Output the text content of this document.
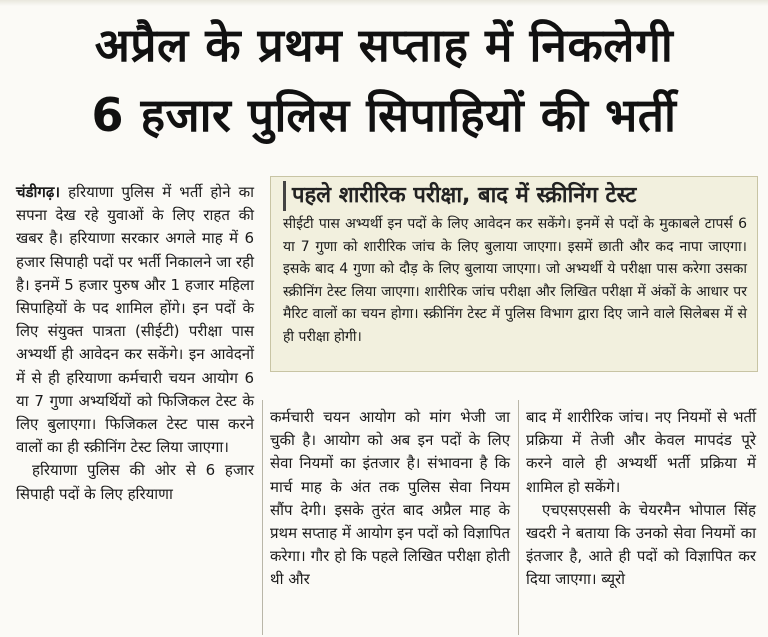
अप्रैल के प्रथम सप्ताह में निकलेगी
6 हजार पुलिस सिपाहियों की भर्ती

चंडीगढ़। हरियाणा पुलिस में भर्ती होने का सपना देख रहे युवाओं के लिए राहत की खबर है। हरियाणा सरकार अगले माह में 6 हजार सिपाही पदों पर भर्ती निकालने जा रही है। इनमें 5 हजार पुरुष और 1 हजार महिला सिपाहियों के पद शामिल होंगे। इन पदों के लिए संयुक्त पात्रता (सीईटी) परीक्षा पास अभ्यर्थी ही आवेदन कर सकेंगे। इन आवेदनों में से ही हरियाणा कर्मचारी चयन आयोग 6 या 7 गुणा अभ्यर्थियों को फिजिकल टेस्ट के लिए बुलाएगा। फिजिकल टेस्ट पास करने वालों का ही स्क्रीनिंग टेस्ट लिया जाएगा।

हरियाणा पुलिस की ओर से 6 हजार सिपाही पदों के लिए हरियाणा

पहले शारीरिक परीक्षा, बाद में स्क्रीनिंग टेस्ट
सीईटी पास अभ्यर्थी इन पदों के लिए आवेदन कर सकेंगे। इनमें से पदों के मुकाबले टापर्स 6 या 7 गुणा को शारीरिक जांच के लिए बुलाया जाएगा। इसमें छाती और कद नापा जाएगा। इसके बाद 4 गुणा को दौड़ के लिए बुलाया जाएगा। जो अभ्यर्थी ये परीक्षा पास करेगा उसका स्क्रीनिंग टेस्ट लिया जाएगा। शारीरिक जांच परीक्षा और लिखित परीक्षा में अंकों के आधार पर मैरिट वालों का चयन होगा। स्क्रीनिंग टेस्ट में पुलिस विभाग द्वारा दिए जाने वाले सिलेबस में से ही परीक्षा होगी।

कर्मचारी चयन आयोग को मांग भेजी जा चुकी है। आयोग को अब इन पदों के लिए सेवा नियमों का इंतजार है। संभावना है कि मार्च माह के अंत तक पुलिस सेवा नियम सौंप देगी। इसके तुरंत बाद अप्रैल माह के प्रथम सप्ताह में आयोग इन पदों को विज्ञापित करेगा। गौर हो कि पहले लिखित परीक्षा होती थी और

बाद में शारीरिक जांच। नए नियमों से भर्ती प्रक्रिया में तेजी और केवल मापदंड पूरे करने वाले ही अभ्यर्थी भर्ती प्रक्रिया में शामिल हो सकेंगे।

एचएसएससी के चेयरमैन भोपाल सिंह खदरी ने बताया कि उनको सेवा नियमों का इंतजार है, आते ही पदों को विज्ञापित कर दिया जाएगा। ब्यूरो
